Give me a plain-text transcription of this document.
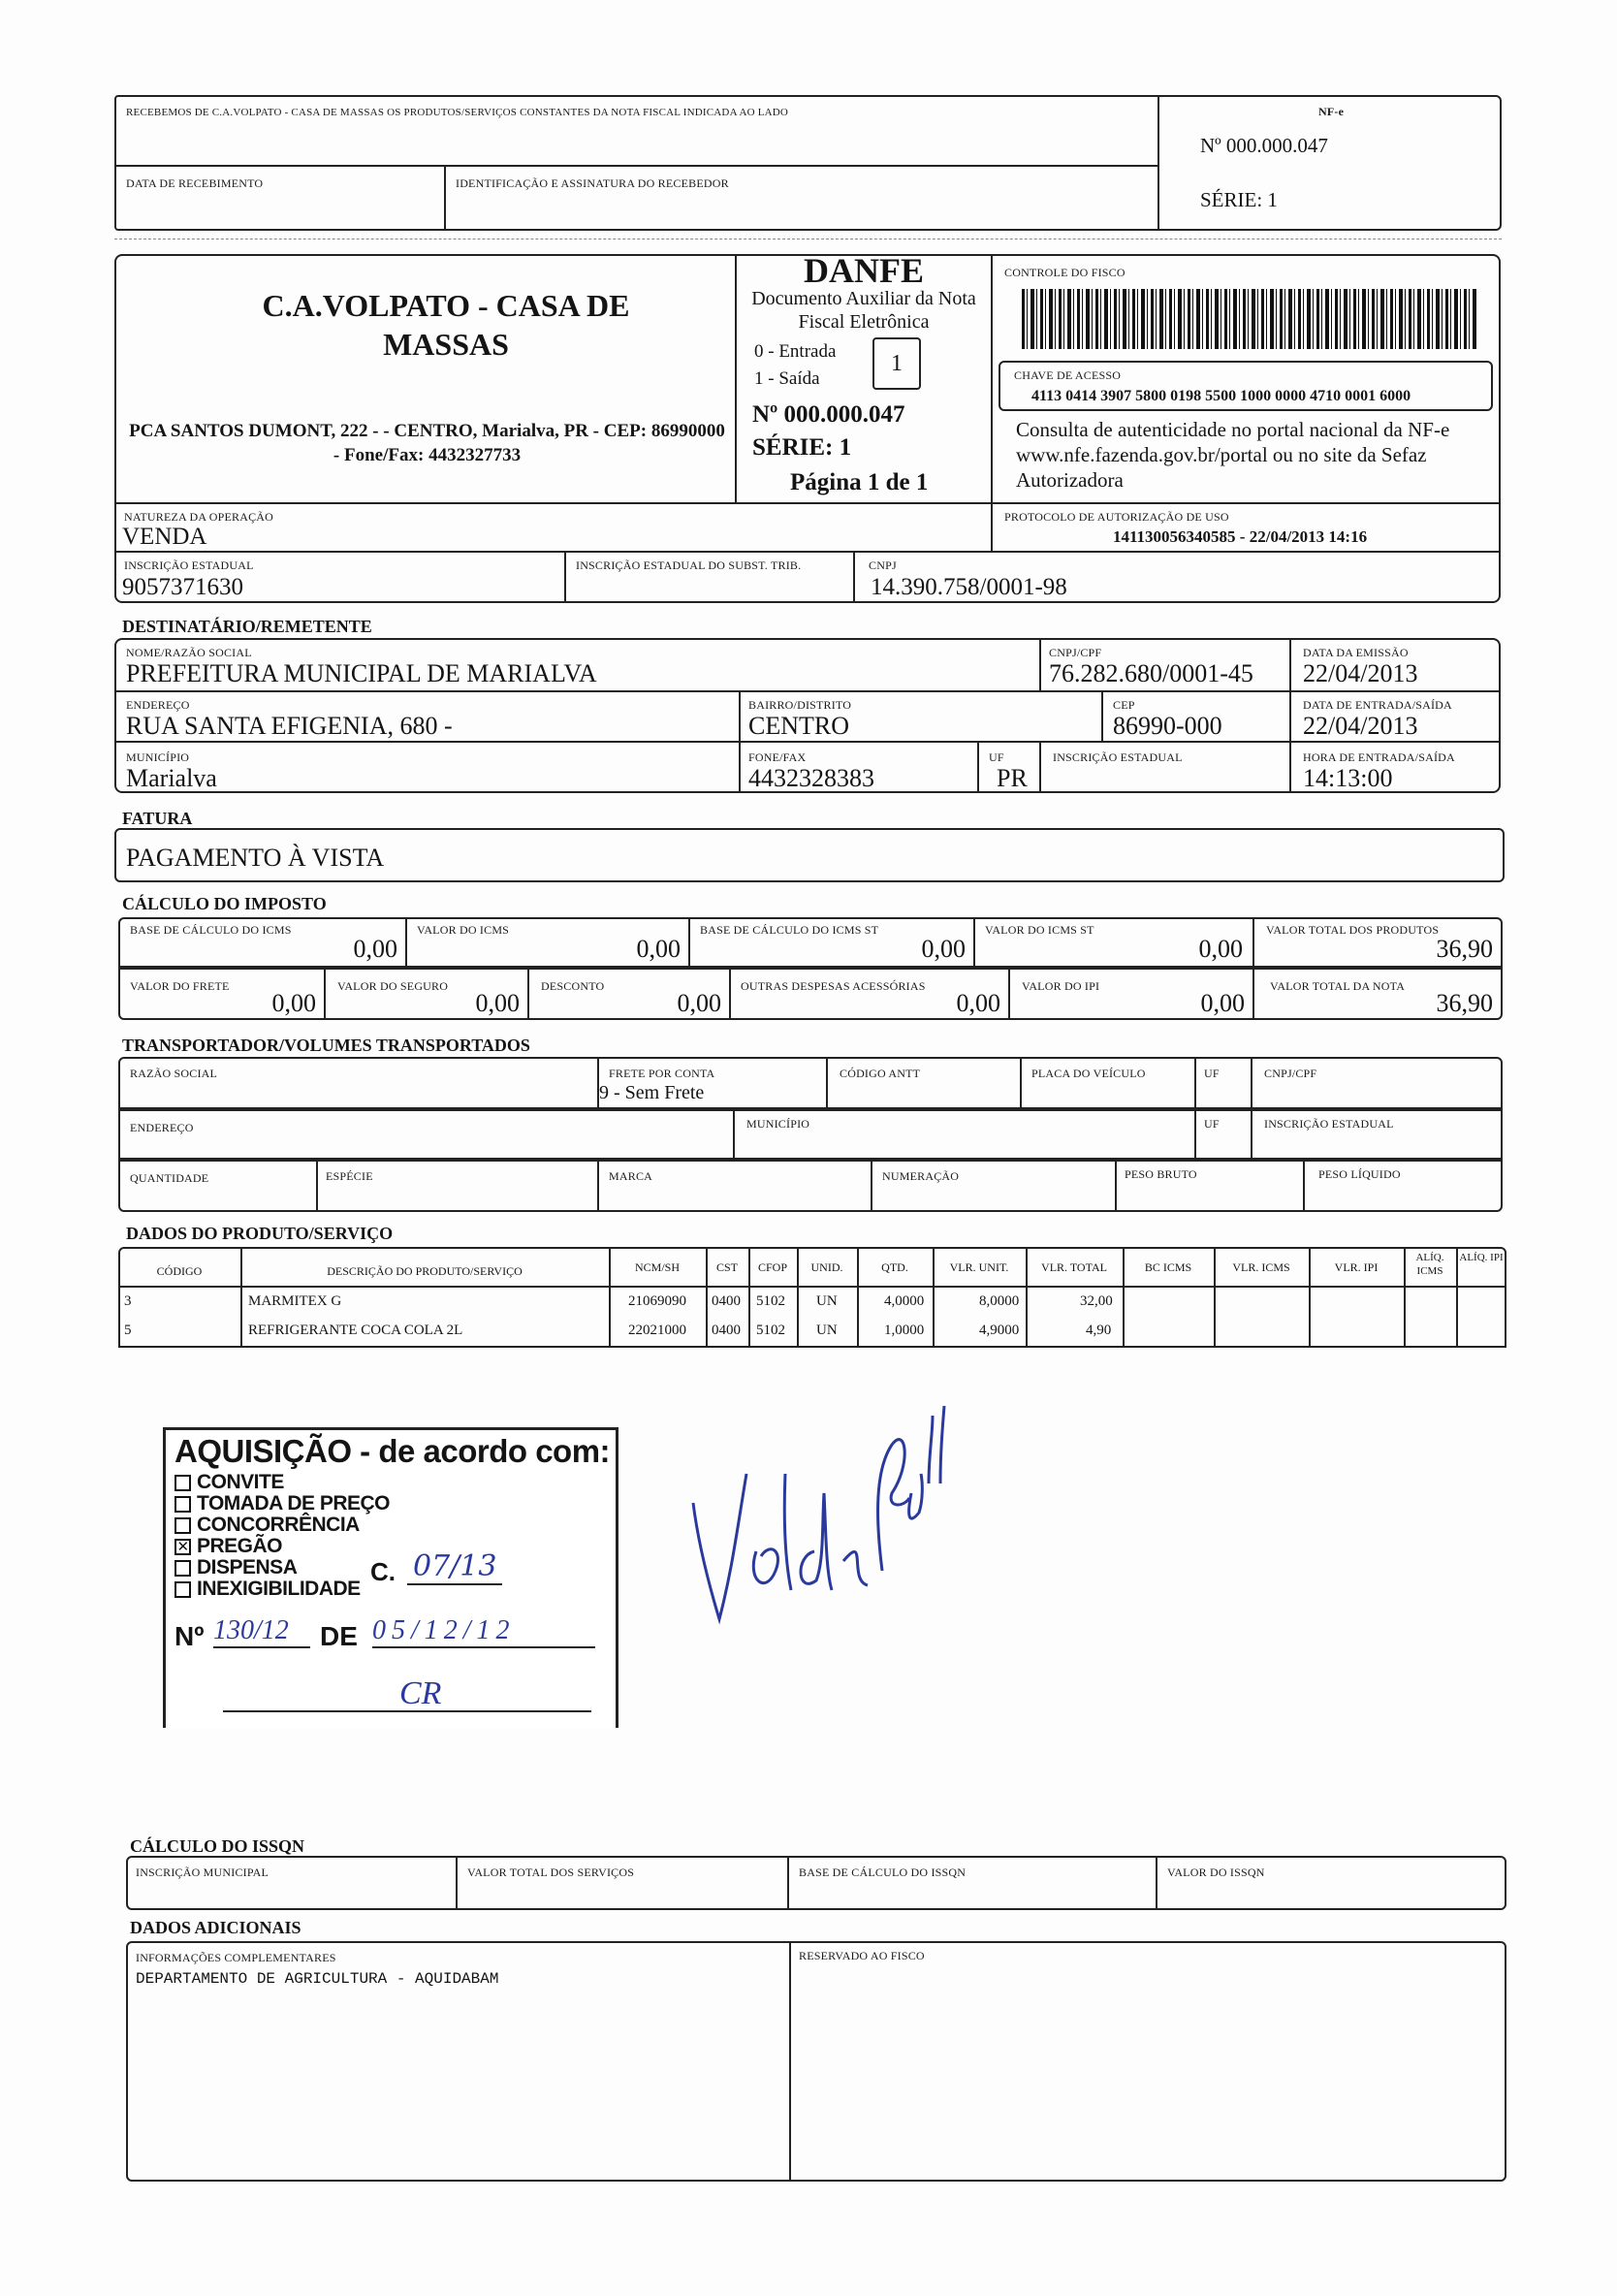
RECEBEMOS DE C.A.VOLPATO - CASA DE MASSAS OS PRODUTOS/SERVIÇOS CONSTANTES DA NOTA FISCAL INDICADA AO LADO
DATA DE RECEBIMENTO	IDENTIFICAÇÃO E ASSINATURA DO RECEBEDOR
NF-e
Nº 000.000.047
SÉRIE: 1
C.A.VOLPATO - CASA DE MASSAS
PCA SANTOS DUMONT, 222 - - CENTRO, Marialva, PR - CEP: 86990000 - Fone/Fax: 4432327733
DANFE
Documento Auxiliar da Nota Fiscal Eletrônica
0 - Entrada
1 - Saída
1
Nº 000.000.047
SÉRIE: 1
Página 1 de 1
CONTROLE DO FISCO
CHAVE DE ACESSO
4113 0414 3907 5800 0198 5500 1000 0000 4710 0001 6000
Consulta de autenticidade no portal nacional da NF-e www.nfe.fazenda.gov.br/portal ou no site da Sefaz Autorizadora
NATUREZA DA OPERAÇÃO
VENDA
PROTOCOLO DE AUTORIZAÇÃO DE USO
141130056340585 - 22/04/2013 14:16
INSCRIÇÃO ESTADUAL
9057371630
INSCRIÇÃO ESTADUAL DO SUBST. TRIB.	CNPJ
14.390.758/0001-98
DESTINATÁRIO/REMETENTE
NOME/RAZÃO SOCIAL
PREFEITURA MUNICIPAL DE MARIALVA
CNPJ/CPF
76.282.680/0001-45
DATA DA EMISSÃO
22/04/2013
ENDEREÇO
RUA SANTA EFIGENIA, 680 -
BAIRRO/DISTRITO
CENTRO
CEP
86990-000
DATA DE ENTRADA/SAÍDA
22/04/2013
MUNICÍPIO
Marialva
FONE/FAX
4432328383
UF
PR
INSCRIÇÃO ESTADUAL	HORA DE ENTRADA/SAÍDA
14:13:00
FATURA
PAGAMENTO À VISTA
CÁLCULO DO IMPOSTO
BASE DE CÁLCULO DO ICMS
0,00
VALOR DO ICMS
0,00
BASE DE CÁLCULO DO ICMS ST
0,00
VALOR DO ICMS ST
0,00
VALOR TOTAL DOS PRODUTOS
36,90
VALOR DO FRETE
0,00
VALOR DO SEGURO
0,00
DESCONTO
0,00
OUTRAS DESPESAS ACESSÓRIAS
0,00
VALOR DO IPI
0,00
VALOR TOTAL DA NOTA
36,90
TRANSPORTADOR/VOLUMES TRANSPORTADOS
RAZÃO SOCIAL	FRETE POR CONTA
9 - Sem Frete
CÓDIGO ANTT	PLACA DO VEÍCULO	UF	CNPJ/CPF
ENDEREÇO	MUNICÍPIO	UF	INSCRIÇÃO ESTADUAL
QUANTIDADE	ESPÉCIE	MARCA	NUMERAÇÃO	PESO BRUTO	PESO LÍQUIDO
DADOS DO PRODUTO/SERVIÇO
CÓDIGO	DESCRIÇÃO DO PRODUTO/SERVIÇO	NCM/SH	CST	CFOP	UNID.	QTD.	VLR. UNIT.	VLR. TOTAL	BC ICMS	VLR. ICMS	VLR. IPI
ALÍQ. ICMS
ALÍQ. IPI
3	MARMITEX G	21069090 0400 5102 UN	4,0000	8,0000	32,00
5	REFRIGERANTE COCA COLA 2L	22021000 0400 5102 UN	1,0000	4,9000	4,90
AQUISIÇÃO - de acordo com:
CONVITE
TOMADA DE PREÇO
CONCORRÊNCIA
✕ PREGÃO
DISPENSA
INEXIGIBILIDADE
C. 07/13
Nº 130/12	DE 05/12/12
CR
CÁLCULO DO ISSQN
INSCRIÇÃO MUNICIPAL	VALOR TOTAL DOS SERVIÇOS	BASE DE CÁLCULO DO ISSQN	VALOR DO ISSQN
DADOS ADICIONAIS
INFORMAÇÕES COMPLEMENTARES
DEPARTAMENTO DE AGRICULTURA - AQUIDABAM
RESERVADO AO FISCO
